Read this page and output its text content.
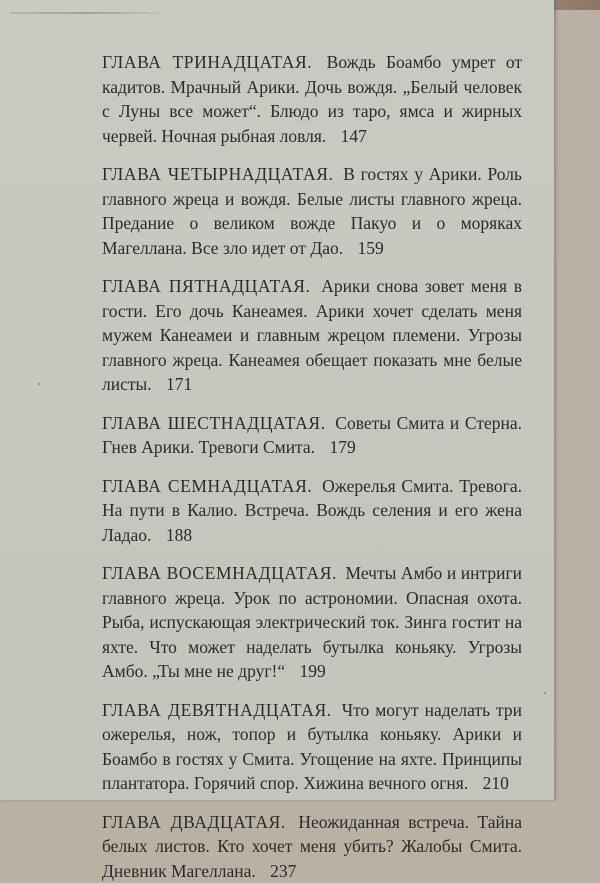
ГЛАВА ТРИНАДЦАТАЯ. Вождь Боамбо умрет от кадитов. Мрачный Арики. Дочь вождя. „Белый человек с Луны все может“. Блюдо из таро, ямса и жирных червей. Ночная рыбная ловля. 147

ГЛАВА ЧЕТЫРНАДЦАТАЯ. В гостях у Арики. Роль главного жреца и вождя. Белые листы главного жреца. Предание о великом вожде Пакуо и о моряках Магеллана. Все зло идет от Дао. 159

ГЛАВА ПЯТНАДЦАТАЯ. Арики снова зовет меня в гости. Его дочь Канеамея. Арики хочет сделать меня мужем Канеамеи и главным жрецом племени. Угрозы главного жреца. Канеамея обещает показать мне белые листы. 171

ГЛАВА ШЕСТНАДЦАТАЯ. Советы Смита и Стерна. Гнев Арики. Тревоги Смита. 179

ГЛАВА СЕМНАДЦАТАЯ. Ожерелья Смита. Тревога. На пути в Калио. Встреча. Вождь селения и его жена Ладао. 188

ГЛАВА ВОСЕМНАДЦАТАЯ. Мечты Амбо и интриги главного жреца. Урок по астрономии. Опасная охота. Рыба, испускающая электрический ток. Зинга гостит на яхте. Что может наделать бутылка коньяку. Угрозы Амбо. „Ты мне не друг!“ 199

ГЛАВА ДЕВЯТНАДЦАТАЯ. Что могут наделать три ожерелья, нож, топор и бутылка коньяку. Арики и Боамбо в гостях у Смита. Угощение на яхте. Принципы плантатора. Горячий спор. Хижина вечного огня. 210

ГЛАВА ДВАДЦАТАЯ. Неожиданная встреча. Тайна белых листов. Кто хочет меня убить? Жалобы Смита. Дневник Магеллана. 237
